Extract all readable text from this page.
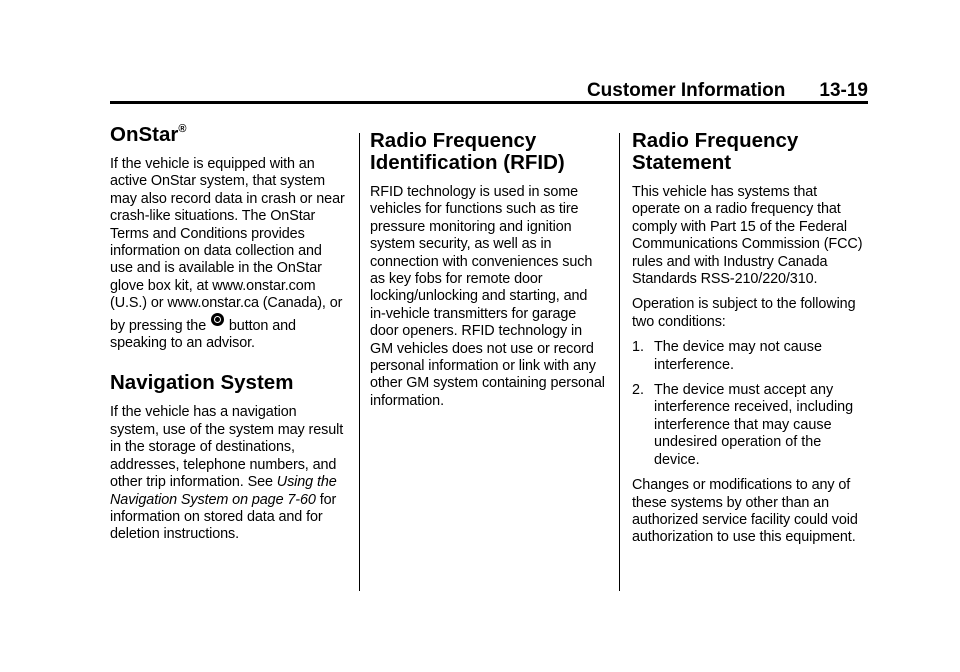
Customer Information 13-19
OnStar®

If the vehicle is equipped with an active OnStar system, that system may also record data in crash or near crash-like situations. The OnStar Terms and Conditions provides information on data collection and use and is available in the OnStar glove box kit, at www.onstar.com (U.S.) or www.onstar.ca (Canada), or by pressing the button and speaking to an advisor.

Navigation System

If the vehicle has a navigation system, use of the system may result in the storage of destinations, addresses, telephone numbers, and other trip information. See Using the Navigation System on page 7-60 for information on stored data and for deletion instructions.

Radio Frequency Identification (RFID)

RFID technology is used in some vehicles for functions such as tire pressure monitoring and ignition system security, as well as in connection with conveniences such as key fobs for remote door locking/unlocking and starting, and in-vehicle transmitters for garage door openers. RFID technology in GM vehicles does not use or record personal information or link with any other GM system containing personal information.

Radio Frequency Statement

This vehicle has systems that operate on a radio frequency that comply with Part 15 of the Federal Communications Commission (FCC) rules and with Industry Canada Standards RSS-210/220/310.

Operation is subject to the following two conditions:

1. The device may not cause interference.
2. The device must accept any interference received, including interference that may cause undesired operation of the device.

Changes or modifications to any of these systems by other than an authorized service facility could void authorization to use this equipment.
